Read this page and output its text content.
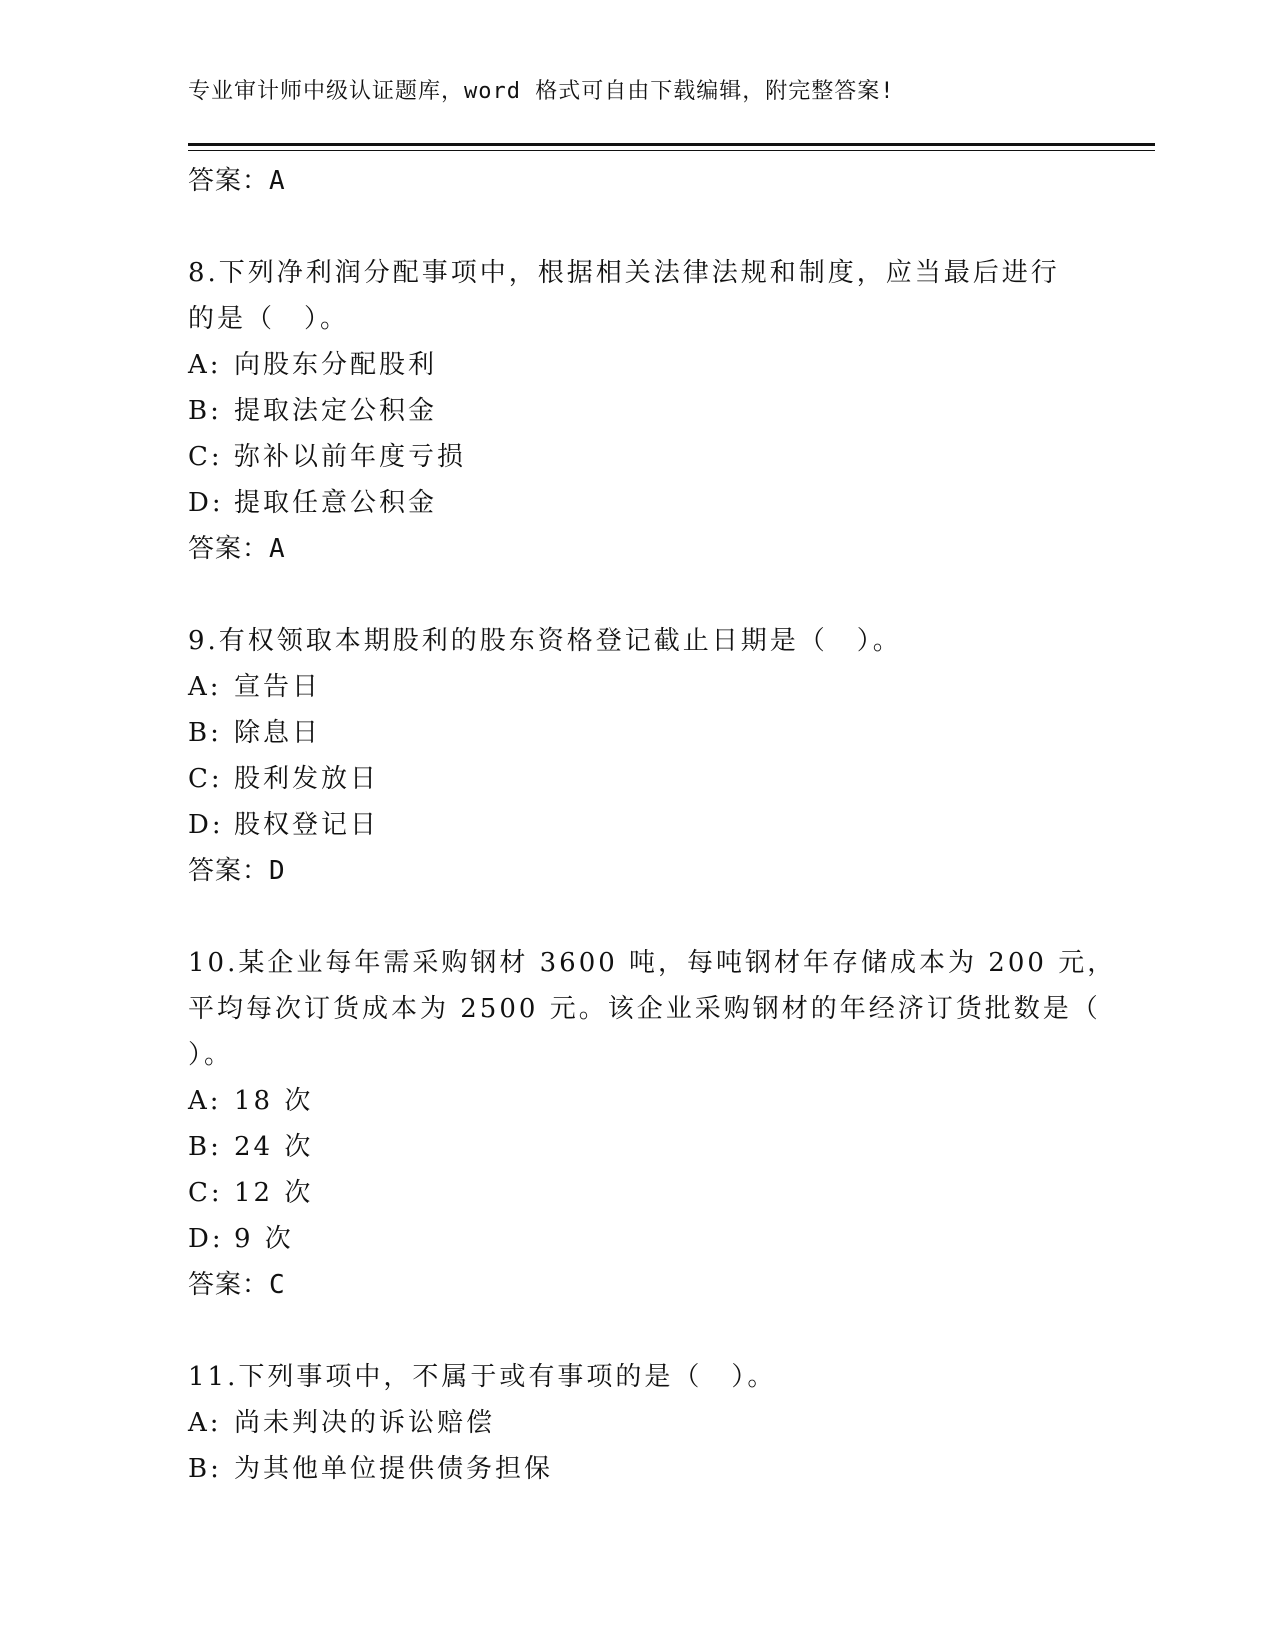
专业审计师中级认证题库，word 格式可自由下载编辑，附完整答案!
答案：A
8.下列净利润分配事项中，根据相关法律法规和制度，应当最后进行
的是（　）。
A: 向股东分配股利
B: 提取法定公积金
C: 弥补以前年度亏损
D: 提取任意公积金
答案：A
9.有权领取本期股利的股东资格登记截止日期是（　）。
A: 宣告日
B: 除息日
C: 股利发放日
D: 股权登记日
答案：D
10.某企业每年需采购钢材 3600 吨，每吨钢材年存储成本为 200 元，
平均每次订货成本为 2500 元。该企业采购钢材的年经济订货批数是（
）。
A: 18 次
B: 24 次
C: 12 次
D: 9 次
答案：C
11.下列事项中，不属于或有事项的是（　）。
A: 尚未判决的诉讼赔偿
B: 为其他单位提供债务担保
